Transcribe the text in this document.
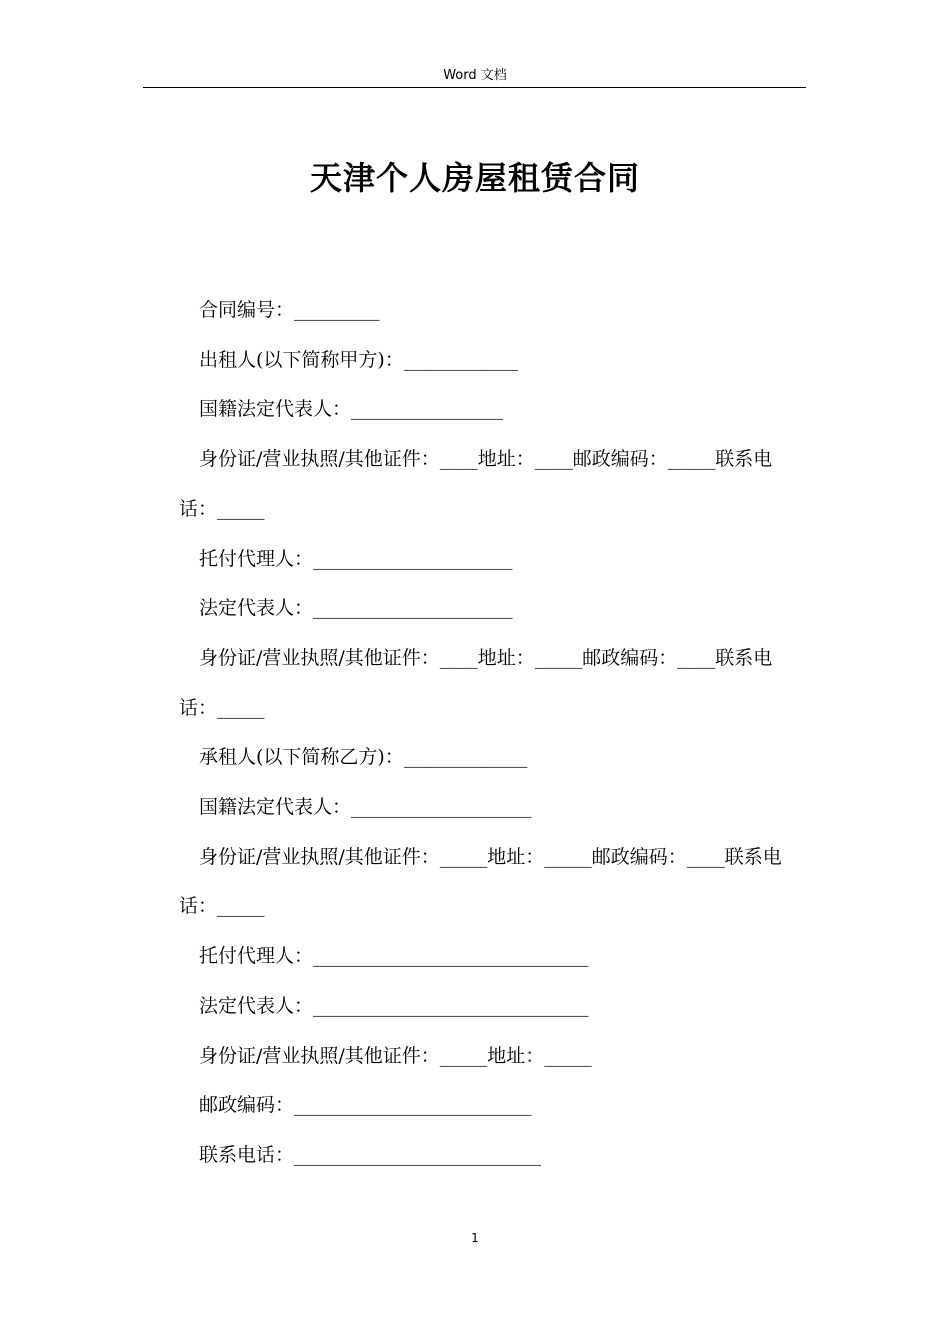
Word 文档
天津个人房屋租赁合同

合同编号：_________

出租人(以下简称甲方)：____________

国籍法定代表人：________________

身份证/营业执照/其他证件：____地址：____邮政编码：_____联系电话：_____

托付代理人：_____________________

法定代表人：_____________________

身份证/营业执照/其他证件：____地址：_____邮政编码：____联系电话：_____

承租人(以下简称乙方)：_____________

国籍法定代表人：___________________

身份证/营业执照/其他证件：_____地址：_____邮政编码：____联系电话：_____

托付代理人：_____________________________

法定代表人：_____________________________

身份证/营业执照/其他证件：_____地址：_____

邮政编码：_________________________

联系电话：__________________________

1
